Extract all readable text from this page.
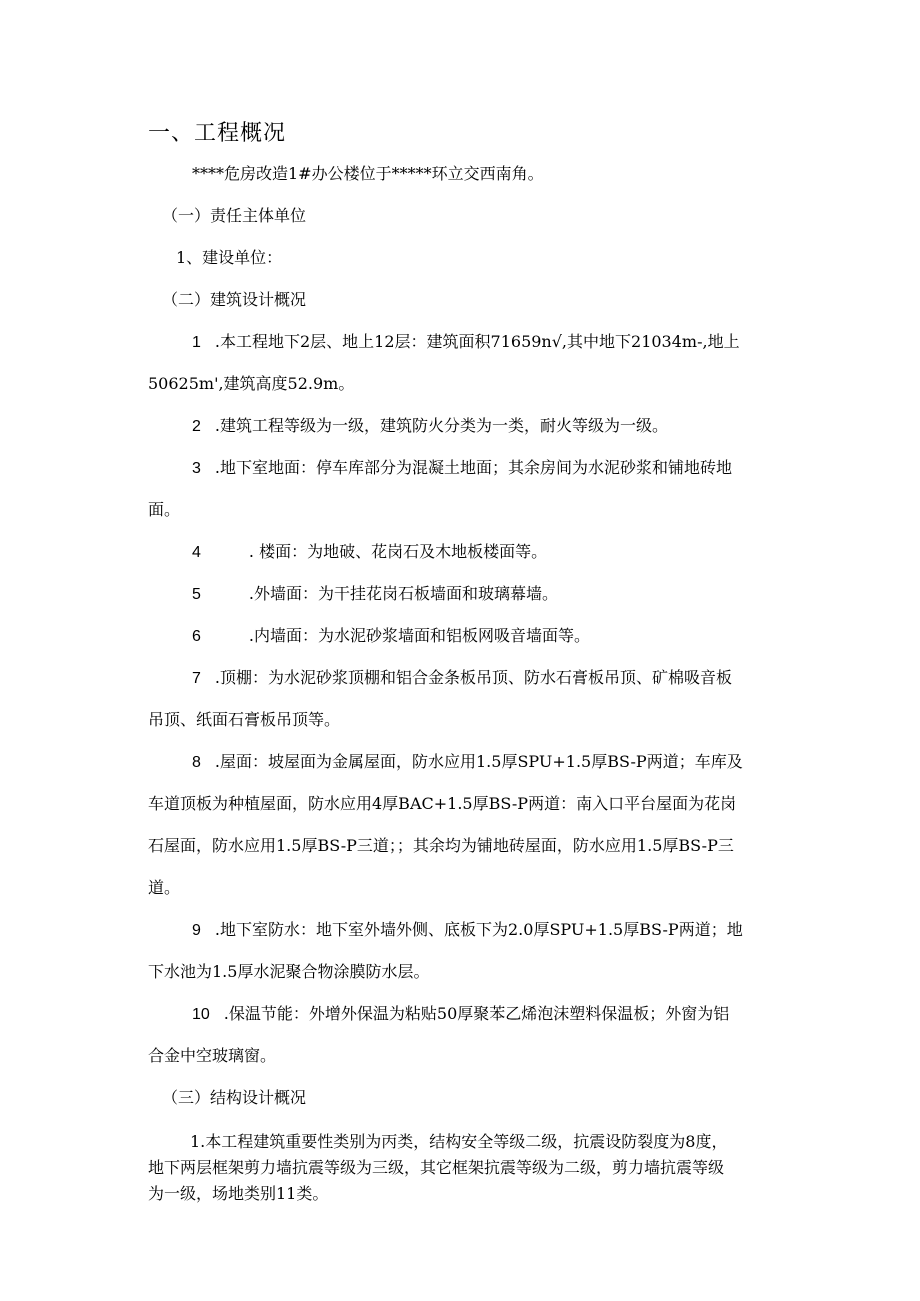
一、工程概况
****危房改造1#办公楼位于*****环立交西南角。
（一）责任主体单位
1、建设单位：
（二）建筑设计概况
1 .本工程地下2层、地上12层：建筑面积71659n√,其中地下21034m-,地上
50625m',建筑高度52.9m。
2 .建筑工程等级为一级，建筑防火分类为一类，耐火等级为一级。
3 .地下室地面：停车库部分为混凝土地面；其余房间为水泥砂浆和铺地砖地
面。
4	. 楼面：为地破、花岗石及木地板楼面等。
5	.外墙面：为干挂花岗石板墙面和玻璃幕墙。
6	.内墙面：为水泥砂浆墙面和铝板网吸音墙面等。
7 .顶棚：为水泥砂浆顶棚和铝合金条板吊顶、防水石膏板吊顶、矿棉吸音板
吊顶、纸面石膏板吊顶等。
8 .屋面：坡屋面为金属屋面，防水应用1.5厚SPU+1.5厚BS-P两道；车库及
车道顶板为种植屋面，防水应用4厚BAC+1.5厚BS-P两道：南入口平台屋面为花岗
石屋面，防水应用1.5厚BS-P三道；；其余均为铺地砖屋面，防水应用1.5厚BS-P三
道。
9 .地下室防水：地下室外墙外侧、底板下为2.0厚SPU+1.5厚BS-P两道；地
下水池为1.5厚水泥聚合物涂膜防水层。
10 .保温节能：外增外保温为粘贴50厚聚苯乙烯泡沫塑料保温板；外窗为铝
合金中空玻璃窗。
（三）结构设计概况
1.本工程建筑重要性类别为丙类，结构安全等级二级，抗震设防裂度为8度，
地下两层框架剪力墙抗震等级为三级，其它框架抗震等级为二级，剪力墙抗震等级
为一级，场地类别11类。
